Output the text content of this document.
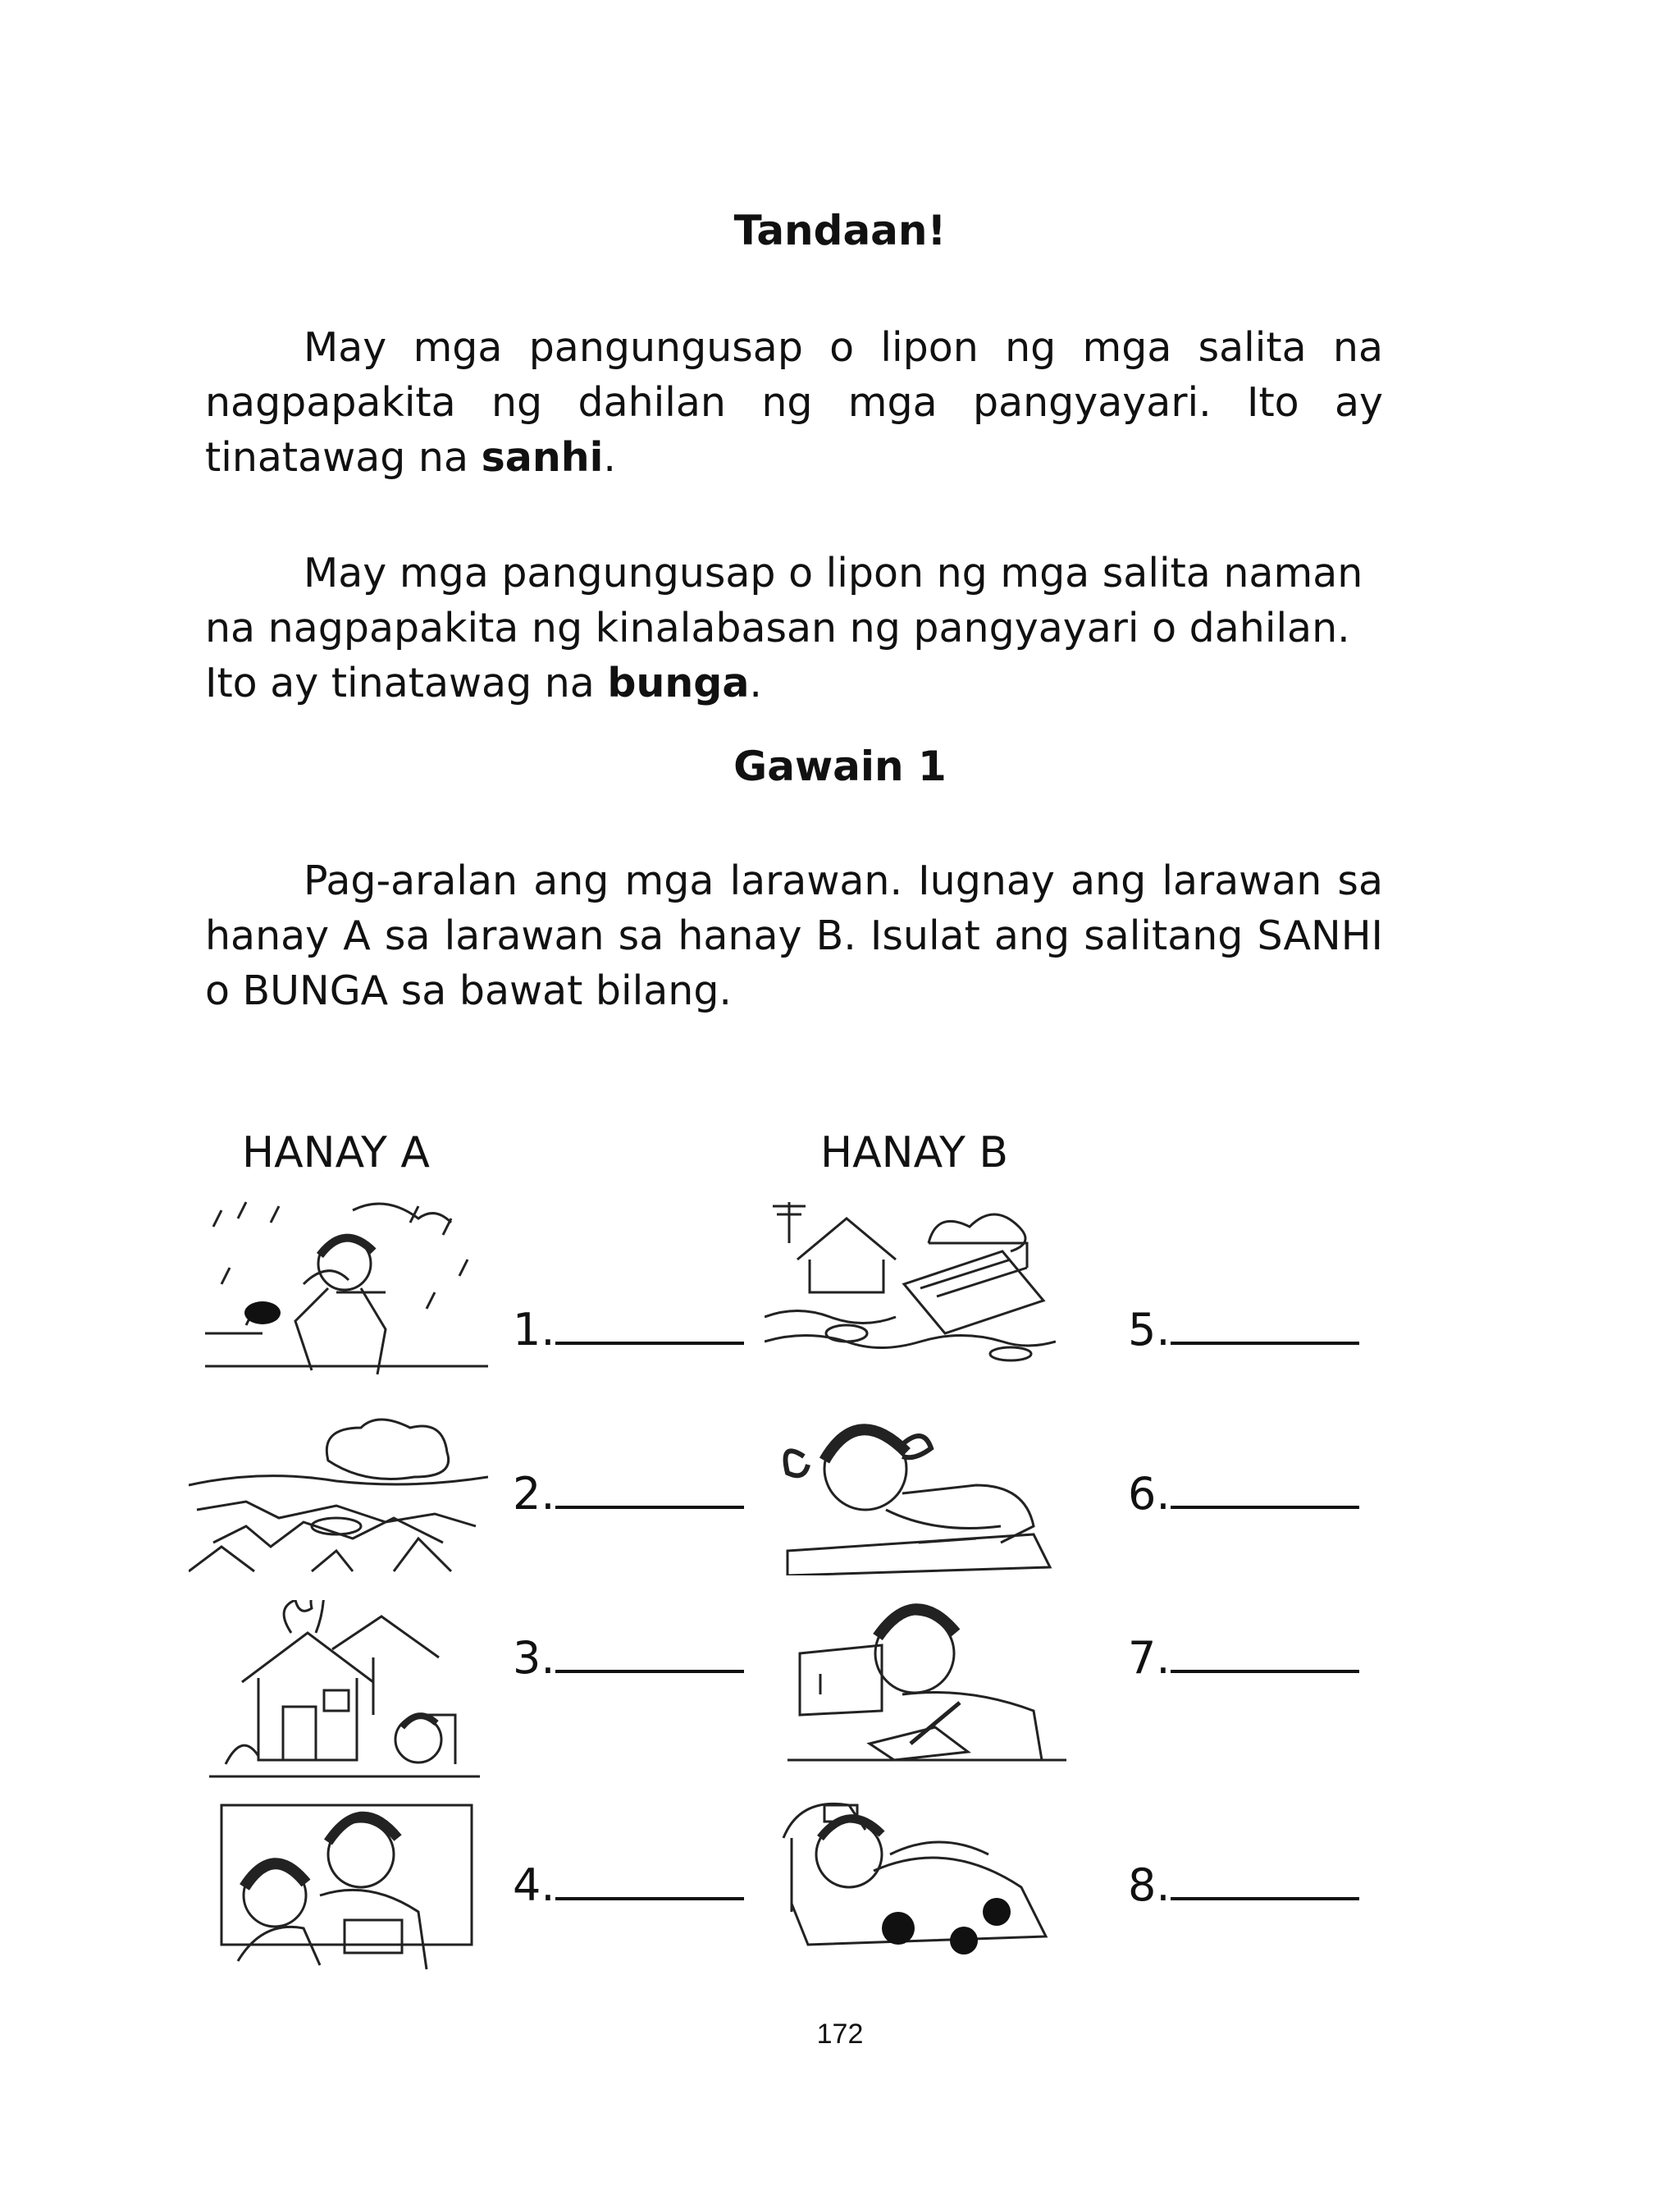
Tandaan!
May mga pangungusap o lipon ng mga salita na nagpapakita ng dahilan ng mga pangyayari. Ito ay tinatawag na sanhi.
May mga pangungusap o lipon ng mga salita naman na nagpapakita ng kinalabasan ng pangyayari o dahilan. Ito ay tinatawag na bunga.
Gawain 1
Pag-aralan ang mga larawan. Iugnay ang larawan sa hanay A sa larawan sa hanay B. Isulat ang salitang SANHI o BUNGA sa bawat bilang.
HANAY A	HANAY B
1.
2.
3.
4.
5.
6.
7.
8.
172
